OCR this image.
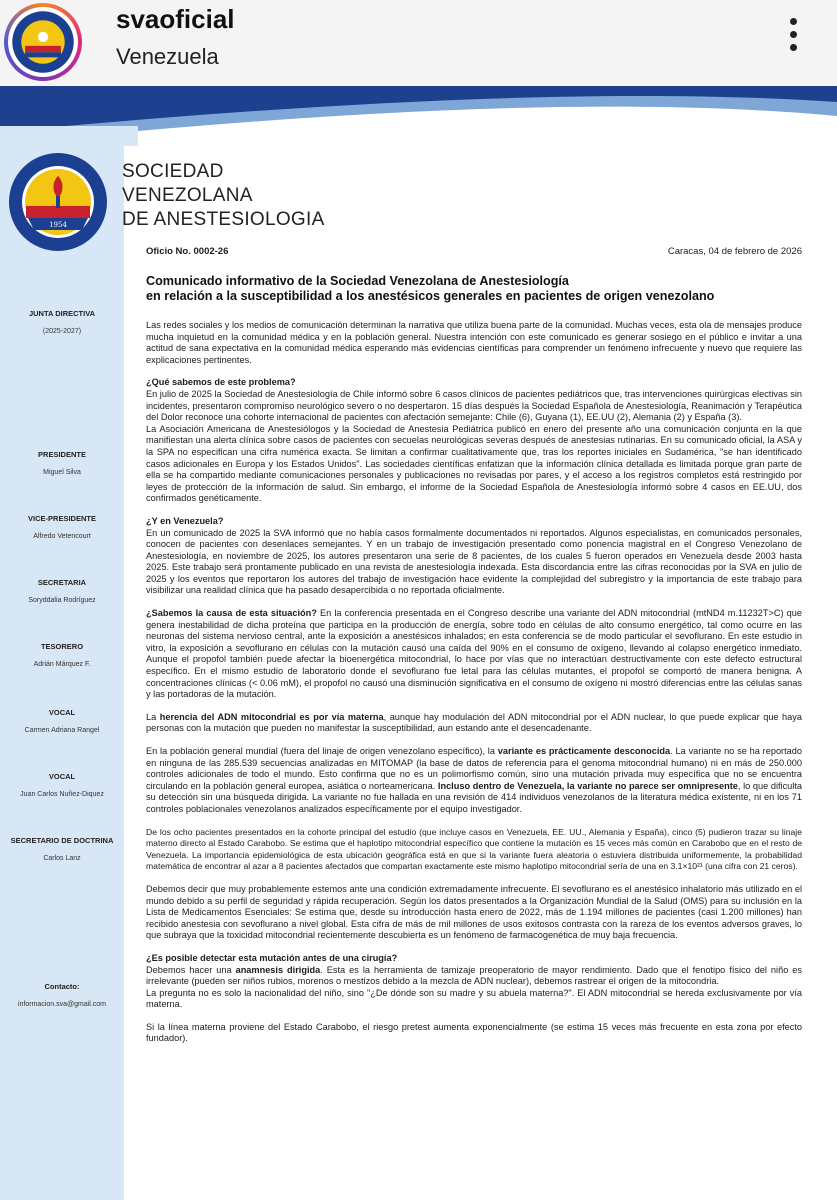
svaoficial
Venezuela
1954
SOCIEDAD
VENEZOLANA
DE ANESTESIOLOGIA
JUNTA DIRECTIVA
(2025-2027)
PRESIDENTE
Miguel Silva
VICE-PRESIDENTE
Alfredo Vetencourt
SECRETARIA
Soryddalia Rodríguez
TESORERO
Adrián Márquez F.
VOCAL
Carmen Adriana Rangel
VOCAL
Juan Carlos Nuñez-Diquez
SECRETARIO DE DOCTRINA
Carlos Lanz
Contacto:
informacion.sva@gmail.com
Oficio No. 0002-26	Caracas, 04 de febrero de 2026
Comunicado informativo de la Sociedad Venezolana de Anestesiología
en relación a la susceptibilidad a los anestésicos generales en pacientes de origen venezolano
Las redes sociales y los medios de comunicación determinan la narrativa que utiliza buena parte de la comunidad. Muchas veces, esta ola de mensajes produce mucha inquietud en la comunidad médica y en la población general. Nuestra intención con este comunicado es generar sosiego en el público e invitar a una actitud de sana expectativa en la comunidad médica esperando más evidencias científicas para comprender un fenómeno infrecuente y nuevo que requiere las explicaciones pertinentes.
¿Qué sabemos de este problema?
En julio de 2025 la Sociedad de Anestesiología de Chile informó sobre 6 casos clínicos de pacientes pediátricos que, tras intervenciones quirúrgicas electivas sin incidentes, presentaron compromiso neurológico severo o no despertaron. 15 días después la Sociedad Española de Anestesiología, Reanimación y Terapéutica del Dolor reconoce una cohorte internacional de pacientes con afectación semejante: Chile (6), Guyana (1), EE.UU (2), Alemania (2) y España (3).
La Asociación Americana de Anestesiólogos y la Sociedad de Anestesia Pediátrica publicó en enero del presente año una comunicación conjunta en la que manifiestan una alerta clínica sobre casos de pacientes con secuelas neurológicas severas después de anestesias rutinarias. En su comunicado oficial, la ASA y la SPA no especifican una cifra numérica exacta. Se limitan a confirmar cualitativamente que, tras los reportes iniciales en Sudamérica, "se han identificado casos adicionales en Europa y los Estados Unidos". Las sociedades científicas enfatizan que la información clínica detallada es limitada porque gran parte de ella se ha compartido mediante comunicaciones personales y publicaciones no revisadas por pares, y el acceso a los registros completos está restringido por leyes de protección de la información de salud. Sin embargo, el informe de la Sociedad Española de Anestesiología informó sobre 4 casos en EE.UU, dos confirmados genéticamente.
¿Y en Venezuela?
En un comunicado de 2025 la SVA informó que no había casos formalmente documentados ni reportados. Algunos especialistas, en comunicados personales, conocen de pacientes con desenlaces semejantes. Y en un trabajo de investigación presentado como ponencia magistral en el Congreso Venezolano de Anestesiología, en noviembre de 2025, los autores presentaron una serie de 8 pacientes, de los cuales 5 fueron operados en Venezuela desde 2003 hasta 2025. Este trabajo será prontamente publicado en una revista de anestesiología indexada. Esta discordancia entre las cifras reconocidas por la SVA en julio de 2025 y los eventos que reportaron los autores del trabajo de investigación hace evidente la complejidad del subregistro y la importancia de este trabajo para visibilizar una realidad clínica que ha pasado desapercibida o no reportada oficialmente.
¿Sabemos la causa de esta situación? En la conferencia presentada en el Congreso describe una variante del ADN mitocondrial (mtND4 m.11232T>C) que genera inestabilidad de dicha proteína que participa en la producción de energía, sobre todo en células de alto consumo energético, tal como ocurre en las neuronas del sistema nervioso central, ante la exposición a anestésicos inhalados; en esta conferencia se de modo particular el sevoflurano. En este estudio in vitro, la exposición a sevoflurano en células con la mutación causó una caída del 90% en el consumo de oxígeno, llevando al colapso energético inmediato. Aunque el propofol también puede afectar la bioenergética mitocondrial, lo hace por vías que no interactúan destructivamente con este defecto estructural específico. En el mismo estudio de laboratorio donde el sevoflurano fue letal para las células mutantes, el propofol se comportó de manera benigna. A concentraciones clínicas (< 0.06 mM), el propofol no causó una disminución significativa en el consumo de oxígeno ni mostró diferencias entre las células sanas y las portadoras de la mutación.
La herencia del ADN mitocondrial es por vía materna, aunque hay modulación del ADN mitocondrial por el ADN nuclear, lo que puede explicar que haya personas con la mutación que pueden no manifestar la susceptibilidad, aun estando ante el desencadenante.
En la población general mundial (fuera del linaje de origen venezolano específico), la variante es prácticamente desconocida. La variante no se ha reportado en ninguna de las 285.539 secuencias analizadas en MITOMAP (la base de datos de referencia para el genoma mitocondrial humano) ni en más de 250.000 controles adicionales de todo el mundo. Esto confirma que no es un polimorfismo común, sino una mutación privada muy específica que no se encuentra circulando en la población general europea, asiática o norteamericana. Incluso dentro de Venezuela, la variante no parece ser omnipresente, lo que dificulta su detección sin una búsqueda dirigida. La variante no fue hallada en una revisión de 414 individuos venezolanos de la literatura médica existente, ni en los 71 controles poblacionales venezolanos analizados específicamente por el equipo investigador.
De los ocho pacientes presentados en la cohorte principal del estudio (que incluye casos en Venezuela, EE. UU., Alemania y España), cinco (5) pudieron trazar su linaje materno directo al Estado Carabobo. Se estima que el haplotipo mitocondrial específico que contiene la mutación es 15 veces más común en Carabobo que en el resto de Venezuela. La importancia epidemiológica de esta ubicación geográfica está en que si la variante fuera aleatoria o estuviera distribuida uniformemente, la probabilidad matemática de encontrar al azar a 8 pacientes afectados que compartan exactamente este mismo haplotipo mitocondrial sería de una en 3.1×10²¹ (una cifra con 21 ceros).
Debemos decir que muy probablemente estemos ante una condición extremadamente infrecuente. El sevoflurano es el anestésico inhalatorio más utilizado en el mundo debido a su perfil de seguridad y rápida recuperación. Según los datos presentados a la Organización Mundial de la Salud (OMS) para su inclusión en la Lista de Medicamentos Esenciales: Se estima que, desde su introducción hasta enero de 2022, más de 1.194 millones de pacientes (casi 1.200 millones) han recibido anestesia con sevoflurano a nivel global. Esta cifra de más de mil millones de usos exitosos contrasta con la rareza de los eventos adversos graves, lo que subraya que la toxicidad mitocondrial recientemente descubierta es un fenómeno de farmacogenética de muy baja frecuencia.
¿Es posible detectar esta mutación antes de una cirugía?
Debemos hacer una anamnesis dirigida. Esta es la herramienta de tamizaje preoperatorio de mayor rendimiento. Dado que el fenotipo físico del niño es irrelevante (pueden ser niños rubios, morenos o mestizos debido a la mezcla de ADN nuclear), debemos rastrear el origen de la mitocondria.
La pregunta no es solo la nacionalidad del niño, sino "¿De dónde son su madre y su abuela materna?". El ADN mitocondrial se hereda exclusivamente por vía materna.
Si la línea materna proviene del Estado Carabobo, el riesgo pretest aumenta exponencialmente (se estima 15 veces más frecuente en esta zona por efecto fundador).
